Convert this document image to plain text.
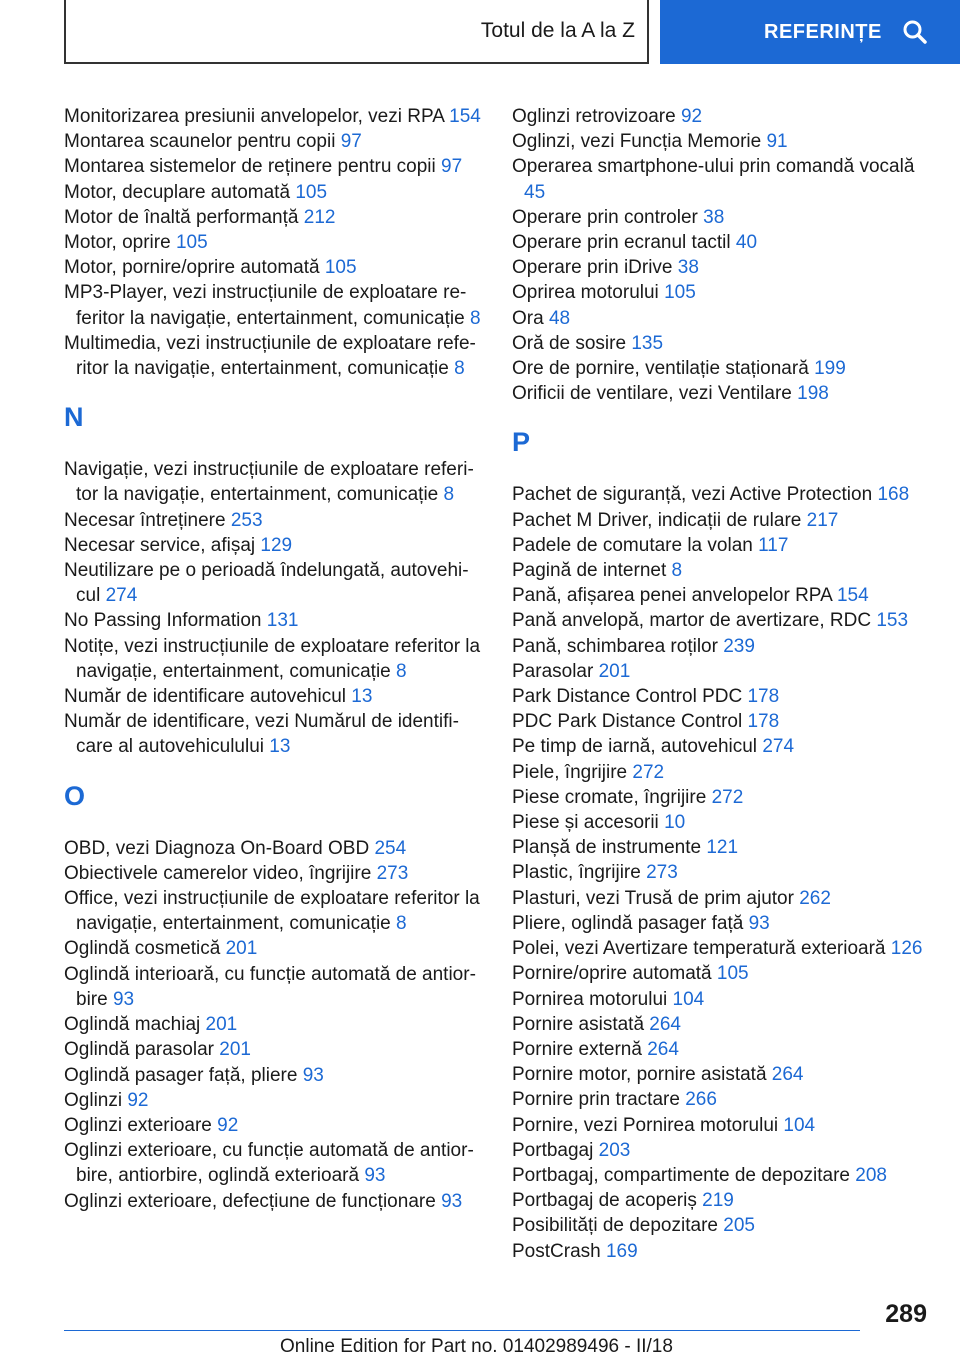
Totul de la A la Z	REFERINȚE
Monitorizarea presiunii anvelopelor, vezi RPA 154
Montarea scaunelor pentru copii 97
Montarea sistemelor de reținere pentru copii 97
Motor, decuplare automată 105
Motor de înaltă performanță 212
Motor, oprire 105
Motor, pornire/oprire automată 105
MP3-Player, vezi instrucțiunile de exploatare referitor la navigație, entertainment, comunicație 8
Multimedia, vezi instrucțiunile de exploatare referitor la navigație, entertainment, comunicație 8
N
Navigație, vezi instrucțiunile de exploatare referitor la navigație, entertainment, comunicație 8
Necesar întreținere 253
Necesar service, afișaj 129
Neutilizare pe o perioadă îndelungată, autovehicul 274
No Passing Information 131
Notițe, vezi instrucțiunile de exploatare referitor la navigație, entertainment, comunicație 8
Număr de identificare autovehicul 13
Număr de identificare, vezi Numărul de identificare al autovehiculului 13
O
OBD, vezi Diagnoza On-Board OBD 254
Obiectivele camerelor video, îngrijire 273
Office, vezi instrucțiunile de exploatare referitor la navigație, entertainment, comunicație 8
Oglindă cosmetică 201
Oglindă interioară, cu funcție automată de antiorbire 93
Oglindă machiaj 201
Oglindă parasolar 201
Oglindă pasager față, pliere 93
Oglinzi 92
Oglinzi exterioare 92
Oglinzi exterioare, cu funcție automată de antiorbire, antiorbire, oglindă exterioară 93
Oglinzi exterioare, defecțiune de funcționare 93
Oglinzi retrovizoare 92
Oglinzi, vezi Funcția Memorie 91
Operarea smartphone-ului prin comandă vocală 45
Operare prin controler 38
Operare prin ecranul tactil 40
Operare prin iDrive 38
Oprirea motorului 105
Ora 48
Oră de sosire 135
Ore de pornire, ventilație staționară 199
Orificii de ventilare, vezi Ventilare 198
P
Pachet de siguranță, vezi Active Protection 168
Pachet M Driver, indicații de rulare 217
Padele de comutare la volan 117
Pagină de internet 8
Pană, afișarea penei anvelopelor RPA 154
Pană anvelopă, martor de avertizare, RDC 153
Pană, schimbarea roților 239
Parasolar 201
Park Distance Control PDC 178
PDC Park Distance Control 178
Pe timp de iarnă, autovehicul 274
Piele, îngrijire 272
Piese cromate, îngrijire 272
Piese și accesorii 10
Planșă de instrumente 121
Plastic, îngrijire 273
Plasturi, vezi Trusă de prim ajutor 262
Pliere, oglindă pasager față 93
Polei, vezi Avertizare temperatură exterioară 126
Pornire/oprire automată 105
Pornirea motorului 104
Pornire asistată 264
Pornire externă 264
Pornire motor, pornire asistată 264
Pornire prin tractare 266
Pornire, vezi Pornirea motorului 104
Portbagaj 203
Portbagaj, compartimente de depozitare 208
Portbagaj de acoperiș 219
Posibilități de depozitare 205
PostCrash 169
289
Online Edition for Part no. 01402989496 - II/18
